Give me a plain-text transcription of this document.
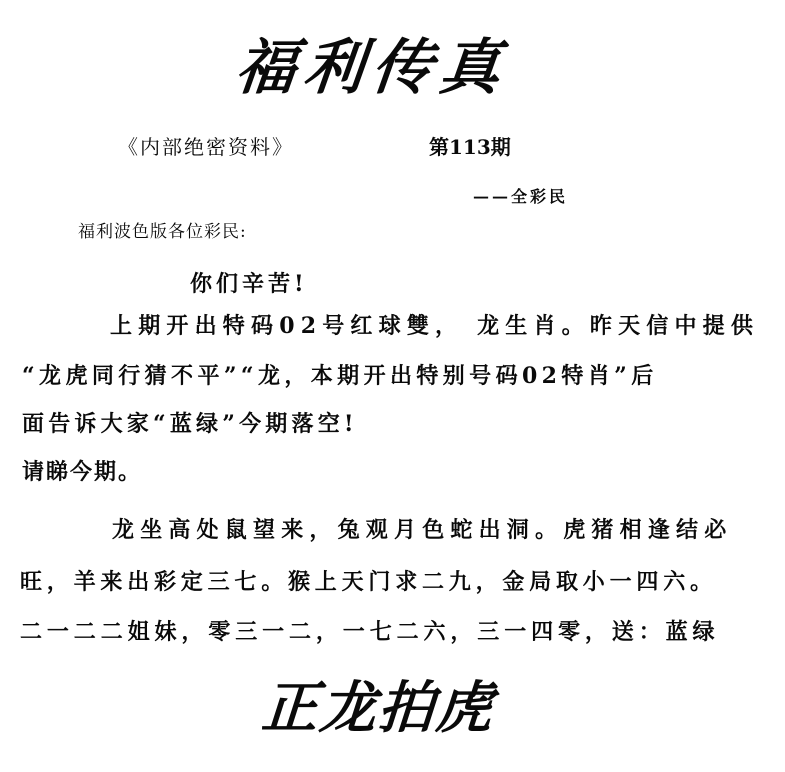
福利传真
《内部绝密资料》	第113期
——全彩民
福利波色版各位彩民:
你们辛苦!
上期开出特码02号红球雙， 龙生肖。昨天信中提供
“龙虎同行猜不平”“龙，本期开出特别号码02特肖”后
面告诉大家“蓝绿”今期落空!
请睇今期。
龙坐高处鼠望来，兔观月色蛇出洞。虎猪相逢结必
旺，羊来出彩定三七。猴上天门求二九，金局取小一四六。
二一二二姐妹，零三一二，一七二六，三一四零，送：蓝绿
正龙拍虎
